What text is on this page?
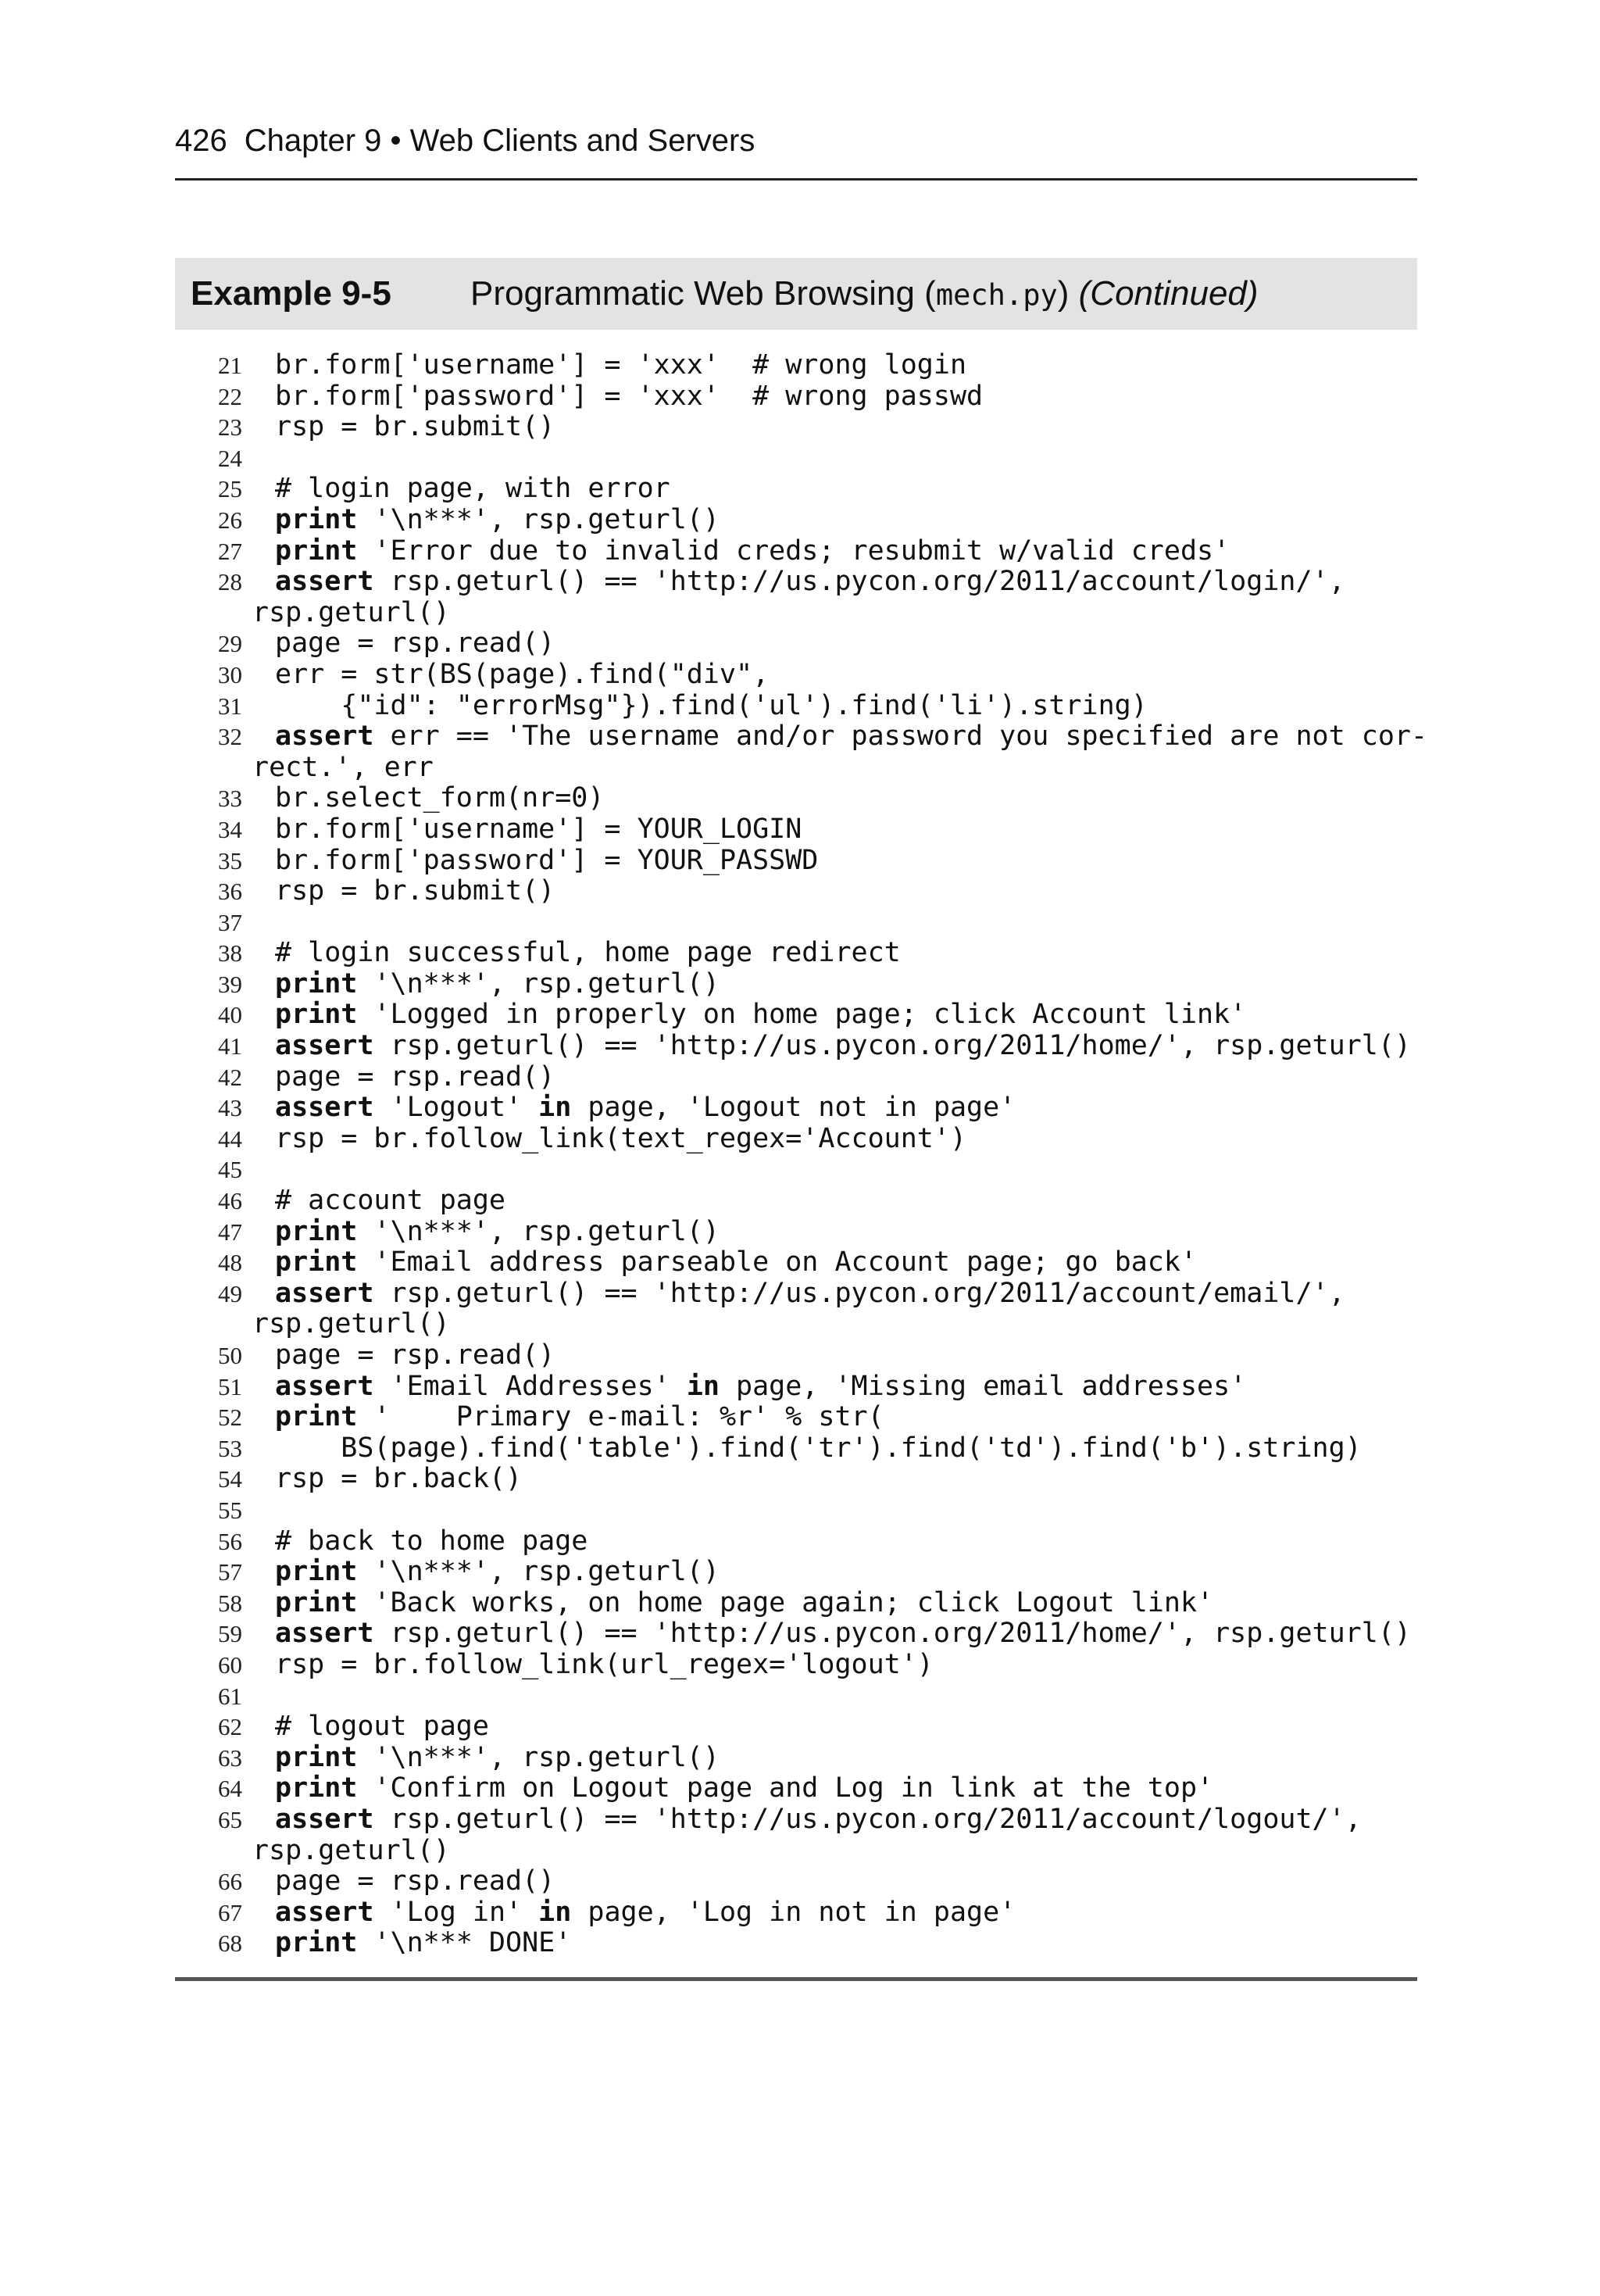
426 Chapter 9 • Web Clients and Servers
Example 9-5 Programmatic Web Browsing (mech.py) (Continued)
21 br.form['username'] = 'xxx'  # wrong login
22 br.form['password'] = 'xxx'  # wrong passwd
23 rsp = br.submit()
24
25 # login page, with error
26 print '\n***', rsp.geturl()
27 print 'Error due to invalid creds; resubmit w/valid creds'
28 assert rsp.geturl() == 'http://us.pycon.org/2011/account/login/',
rsp.geturl()
29 page = rsp.read()
30 err = str(BS(page).find("div",
31 {"id": "errorMsg"}).find('ul').find('li').string)
32 assert err == 'The username and/or password you specified are not cor-
rect.', err
33 br.select_form(nr=0)
34 br.form['username'] = YOUR_LOGIN
35 br.form['password'] = YOUR_PASSWD
36 rsp = br.submit()
37
38 # login successful, home page redirect
39 print '\n***', rsp.geturl()
40 print 'Logged in properly on home page; click Account link'
41 assert rsp.geturl() == 'http://us.pycon.org/2011/home/', rsp.geturl()
42 page = rsp.read()
43 assert 'Logout' in page, 'Logout not in page'
44 rsp = br.follow_link(text_regex='Account')
45
46 # account page
47 print '\n***', rsp.geturl()
48 print 'Email address parseable on Account page; go back'
49 assert rsp.geturl() == 'http://us.pycon.org/2011/account/email/',
rsp.geturl()
50 page = rsp.read()
51 assert 'Email Addresses' in page, 'Missing email addresses'
52 print '    Primary e-mail: %r' % str(
53 BS(page).find('table').find('tr').find('td').find('b').string)
54 rsp = br.back()
55
56 # back to home page
57 print '\n***', rsp.geturl()
58 print 'Back works, on home page again; click Logout link'
59 assert rsp.geturl() == 'http://us.pycon.org/2011/home/', rsp.geturl()
60 rsp = br.follow_link(url_regex='logout')
61
62 # logout page
63 print '\n***', rsp.geturl()
64 print 'Confirm on Logout page and Log in link at the top'
65 assert rsp.geturl() == 'http://us.pycon.org/2011/account/logout/',
rsp.geturl()
66 page = rsp.read()
67 assert 'Log in' in page, 'Log in not in page'
68 print '\n*** DONE'
